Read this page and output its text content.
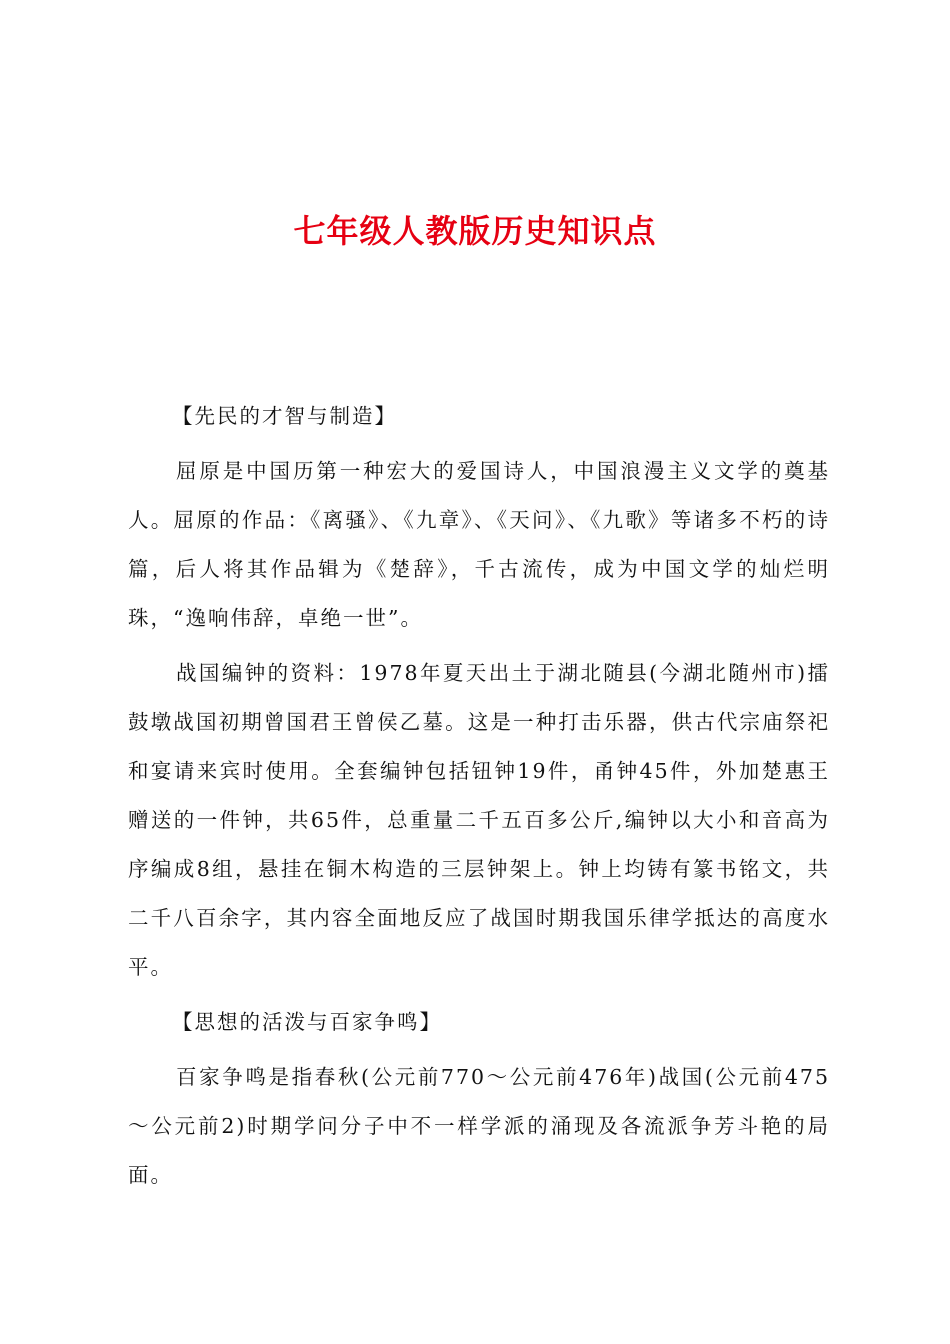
七年级人教版历史知识点

【先民的才智与制造】

屈原是中国历第一种宏大的爱国诗人，中国浪漫主义文学的奠基人。屈原的作品：《离骚》、《九章》、《天问》、《九歌》等诸多不朽的诗篇，后人将其作品辑为《楚辞》，千古流传，成为中国文学的灿烂明珠，“逸响伟辞，卓绝一世”。

战国编钟的资料：1978年夏天出土于湖北随县(今湖北随州市)擂鼓墩战国初期曾国君王曾侯乙墓。这是一种打击乐器，供古代宗庙祭祀和宴请来宾时使用。全套编钟包括钮钟19件，甬钟45件，外加楚惠王赠送的一件钟，共65件，总重量二千五百多公斤,编钟以大小和音高为序编成8组，悬挂在铜木构造的三层钟架上。钟上均铸有篆书铭文，共二千八百余字，其内容全面地反应了战国时期我国乐律学抵达的高度水平。

【思想的活泼与百家争鸣】

百家争鸣是指春秋(公元前770～公元前476年)战国(公元前475～公元前2)时期学问分子中不一样学派的涌现及各流派争芳斗艳的局面。
